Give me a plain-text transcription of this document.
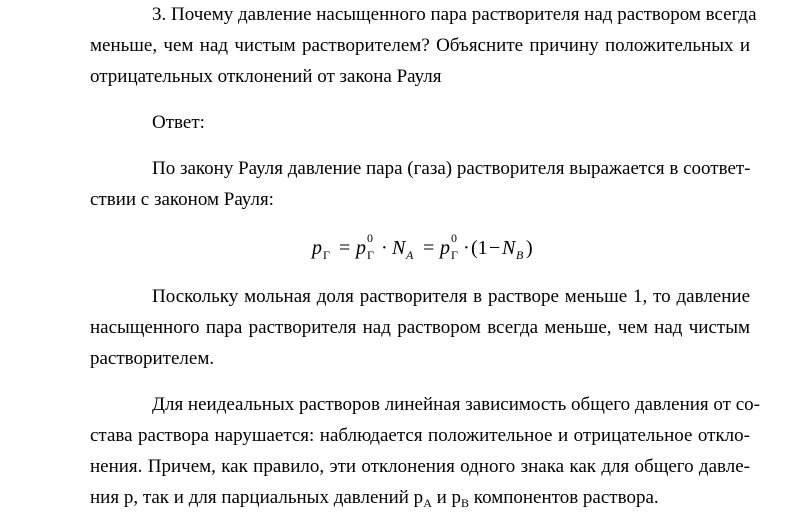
3. Почему давление насыщенного пара растворителя над раствором всегда
меньше, чем над чистым растворителем? Объясните причину положительных и
отрицательных отклонений от закона Рауля
Ответ:
По закону Рауля давление пара (газа) растворителя выражается в соответ-
ствии с законом Рауля:
p Г = p 0
Г · N A = p 0
Г · (1 − N B )
Поскольку мольная доля растворителя в растворе меньше 1, то давление
насыщенного пара растворителя над раствором всегда меньше, чем над чистым
растворителем.
Для неидеальных растворов линейная зависимость общего давления от со-
става раствора нарушается: наблюдается положительное и отрицательное откло-
нения. Причем, как правило, эти отклонения одного знака как для общего давле-
ния р, так и для парциальных давлений $р_A$ и $р_B$ компонентов раствора.
